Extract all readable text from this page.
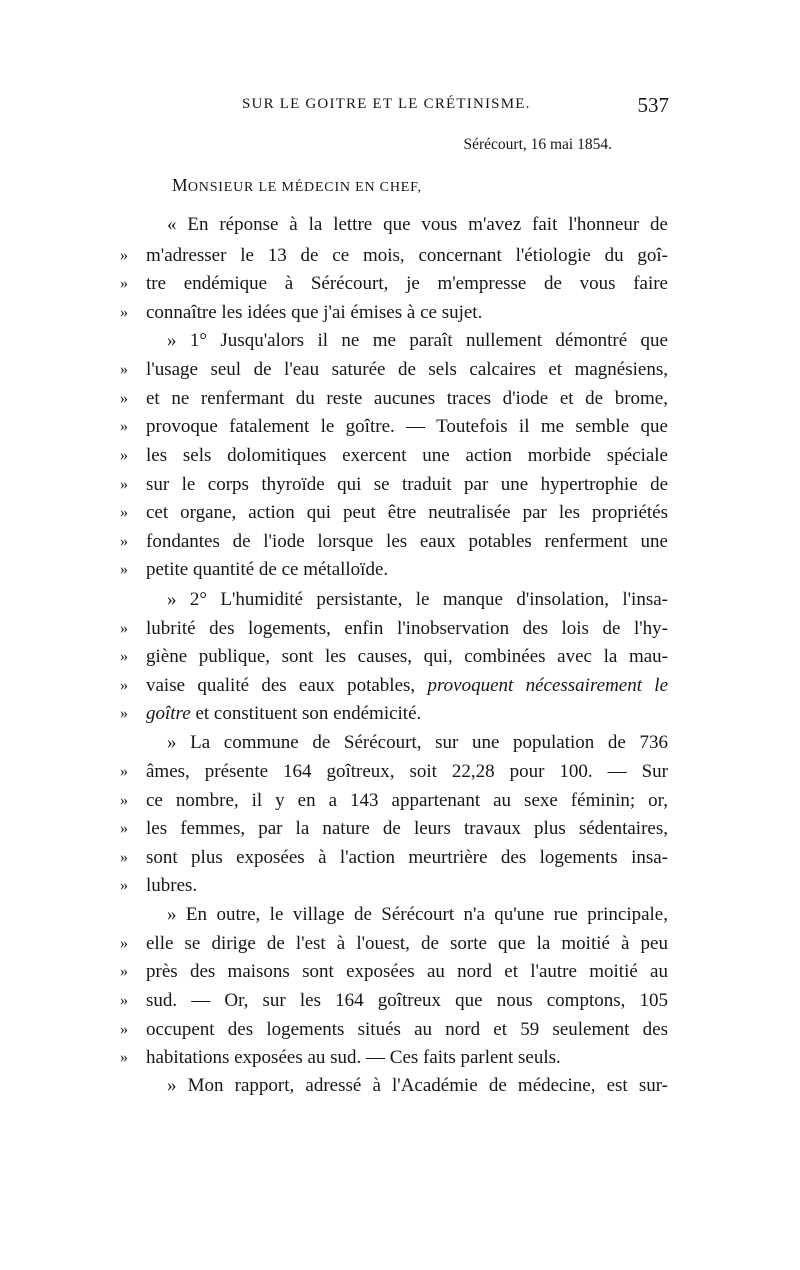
SUR LE GOITRE ET LE CRÉTINISME.	537
Sérécourt, 16 mai 1854.
MONSIEUR LE MÉDECIN EN CHEF,
« En réponse à la lettre que vous m'avez fait l'honneur de
» m'adresser le 13 de ce mois, concernant l'étiologie du goî-
» tre endémique à Sérécourt, je m'empresse de vous faire
» connaître les idées que j'ai émises à ce sujet.
» 1° Jusqu'alors il ne me paraît nullement démontré que
» l'usage seul de l'eau saturée de sels calcaires et magnésiens,
» et ne renfermant du reste aucunes traces d'iode et de brome,
» provoque fatalement le goître. — Toutefois il me semble que
» les sels dolomitiques exercent une action morbide spéciale
» sur le corps thyroïde qui se traduit par une hypertrophie de
» cet organe, action qui peut être neutralisée par les propriétés
» fondantes de l'iode lorsque les eaux potables renferment une
» petite quantité de ce métalloïde.
» 2° L'humidité persistante, le manque d'insolation, l'insa-
» lubrité des logements, enfin l'inobservation des lois de l'hy-
» giène publique, sont les causes, qui, combinées avec la mau-
» vaise qualité des eaux potables, provoquent nécessairement le
» goître et constituent son endémicité.
» La commune de Sérécourt, sur une population de 736
» âmes, présente 164 goîtreux, soit 22,28 pour 100. — Sur
» ce nombre, il y en a 143 appartenant au sexe féminin; or,
» les femmes, par la nature de leurs travaux plus sédentaires,
» sont plus exposées à l'action meurtrière des logements insa-
» lubres.
» En outre, le village de Sérécourt n'a qu'une rue principale,
» elle se dirige de l'est à l'ouest, de sorte que la moitié à peu
» près des maisons sont exposées au nord et l'autre moitié au
» sud. — Or, sur les 164 goîtreux que nous comptons, 105
» occupent des logements situés au nord et 59 seulement des
» habitations exposées au sud. — Ces faits parlent seuls.
» Mon rapport, adressé à l'Académie de médecine, est sur-
